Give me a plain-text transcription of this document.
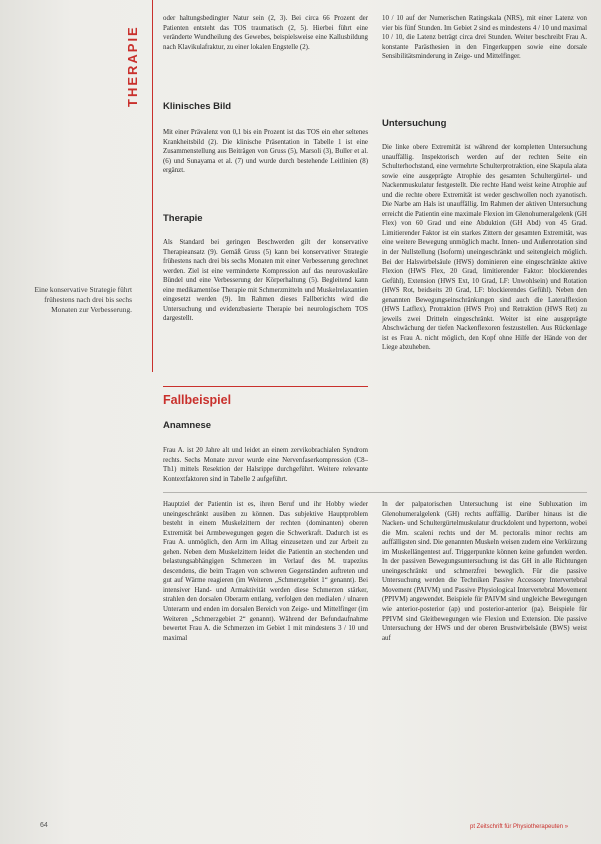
THERAPIE
Eine konservative Strategie führt frühestens nach drei bis sechs Monaten zur Verbesserung.

oder haltungsbedingter Natur sein (2, 3). Bei circa 66 Prozent der Patienten entsteht das TOS traumatisch (2, 5). Hierbei führt eine veränderte Wundheilung des Gewebes, beispielsweise eine Kallusbildung nach Klavikulafraktur, zu einer lokalen Engstelle (2).

Klinisches Bild

Mit einer Prävalenz von 0,1 bis ein Prozent ist das TOS ein eher seltenes Krankheitsbild (2). Die klinische Präsentation in Tabelle 1 ist eine Zusammenstellung aus Beiträgen von Gruss (5), Marsoli (3), Buller et al. (6) und Sunayama et al. (7) und wurde durch bestehende Leitlinien (8) ergänzt.

Therapie

Als Standard bei geringen Beschwerden gilt der konservative Therapieansatz (9). Gemäß Gruss (5) kann bei konservativer Strategie frühestens nach drei bis sechs Monaten mit einer Verbesserung gerechnet werden. Ziel ist eine verminderte Kompression auf das neurovaskuläre Bündel und eine Verbesserung der Körperhaltung (5). Begleitend kann eine medikamentöse Therapie mit Schmerzmitteln und Muskelrelaxantien eingesetzt werden (9). Im Rahmen dieses Fallberichts wird die Untersuchung und evidenzbasierte Therapie bei neurologischem TOS dargestellt.

Fallbeispiel
Anamnese

Frau A. ist 20 Jahre alt und leidet an einem zervikobrachialen Syndrom rechts. Sechs Monate zuvor wurde eine Nervenfaserkompression (C8–Th1) mittels Resektion der Halsrippe durchgeführt. Weitere relevante Kontextfaktoren sind in Tabelle 2 aufgeführt.

Hauptziel der Patientin ist es, ihren Beruf und ihr Hobby wieder uneingeschränkt ausüben zu können. Das subjektive Hauptproblem besteht in einem Muskelzittern der rechten (dominanten) oberen Extremität bei Armbewegungen gegen die Schwerkraft. Dadurch ist es Frau A. unmöglich, den Arm im Alltag einzusetzen und zur Arbeit zu gehen. Neben dem Muskelzittern leidet die Patientin an stechenden und belastungsabhängigen Schmerzen im Verlauf des M. trapezius descendens, die beim Tragen von schweren Gegenständen auftreten und gut auf Wärme reagieren (im Weiteren „Schmerzgebiet 1“ genannt). Bei intensiver Hand- und Armaktivität werden diese Schmerzen stärker, strahlen den dorsalen Oberarm entlang, verfolgen den medialen / ulnaren Unterarm und enden im dorsalen Bereich von Zeige- und Mittelfinger (im Weiteren „Schmerzgebiet 2“ genannt). Während der Befundaufnahme bewertet Frau A. die Schmerzen im Gebiet 1 mit mindestens 3 / 10 und maximal

10 / 10 auf der Numerischen Ratingskala (NRS), mit einer Latenz von vier bis fünf Stunden. Im Gebiet 2 sind es mindestens 4 / 10 und maximal 10 / 10, die Latenz beträgt circa drei Stunden. Weiter beschreibt Frau A. konstante Parästhesien in den Fingerkuppen sowie eine dorsale Sensibilitätsminderung in Zeige- und Mittelfinger.

Untersuchung

Die linke obere Extremität ist während der kompletten Untersuchung unauffällig. Inspektorisch werden auf der rechten Seite ein Schulterhochstand, eine vermehrte Schulterprotraktion, eine Skapula alata sowie eine ausgeprägte Atrophie des gesamten Schultergürtel- und Nackenmuskulatur festgestellt. Die rechte Hand weist keine Atrophie auf und die rechte obere Extremität ist weder geschwollen noch zyanotisch. Die Narbe am Hals ist unauffällig. Im Rahmen der aktiven Untersuchung erreicht die Patientin eine maximale Flexion im Glenohumeralgelenk (GH Flex) von 60 Grad und eine Abduktion (GH Abd) von 45 Grad. Limitierender Faktor ist ein starkes Zittern der gesamten Extremität, was eine weitere Bewegung unmöglich macht. Innen- und Außenrotation sind in der Nullstellung (Isoform) uneingeschränkt und seitengleich möglich. Bei der Halswirbelsäule (HWS) dominieren eine eingeschränkte aktive Flexion (HWS Flex, 20 Grad, limitierender Faktor: blockierendes Gefühl), Extension (HWS Ext, 10 Grad, LF: Unwohlsein) und Rotation (HWS Rot, beidseits 20 Grad, LF: blockierendes Gefühl). Neben den genannten Bewegungseinschränkungen sind auch die Lateralflexion (HWS Latflex), Protraktion (HWS Pro) und Retraktion (HWS Ret) zu jeweils zwei Dritteln eingeschränkt. Weiter ist eine ausgeprägte Abschwächung der tiefen Nackenflexoren festzustellen. Aus Rückenlage ist es Frau A. nicht möglich, den Kopf ohne Hilfe der Hände von der Liege abzuheben.

In der palpatorischen Untersuchung ist eine Subluxation im Glenohumeralgelenk (GH) rechts auffällig. Darüber hinaus ist die Nacken- und Schultergürtelmuskulatur druckdolent und hypertonn, wobei die Mm. scaleni rechts und der M. pectoralis minor rechts am auffälligsten sind. Die genannten Muskeln weisen zudem eine Verkürzung im Muskellängentest auf. Triggerpunkte können keine gefunden werden. In der passiven Bewegungsuntersuchung ist das GH in alle Richtungen uneingeschränkt und schmerzfrei beweglich. Für die passive Untersuchung werden die Techniken Passive Accessory Intervertebral Movement (PAIVM) und Passive Physiological Intervertebral Movement (PPIVM) angewendet. Beispiele für PAIVM sind ungleiche Bewegungen wie anterior-posterior (ap) und posterior-anterior (pa). Beispiele für PPIVM sind Gleitbewegungen wie Flexion und Extension. Die passive Untersuchung der HWS und der oberen Brustwirbelsäule (BWS) weist auf

64	pt Zeitschrift für Physiotherapeuten »
